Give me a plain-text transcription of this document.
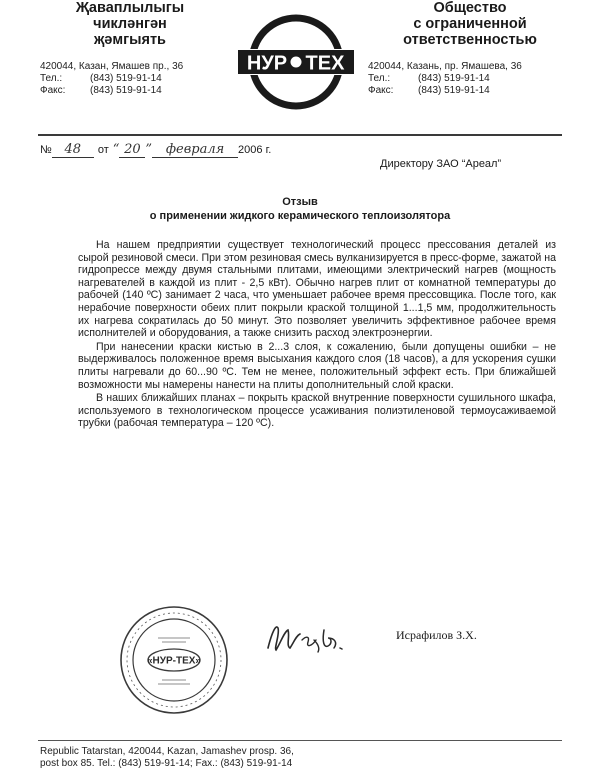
Җаваплылыгы
чикләнгән
җәмгыять
Общество
с ограниченной
ответственностью
НУР ТЕХ
420044, Казан, Ямашев пр., 36
Тел.:	(843) 519-91-14
Факс:	(843) 519-91-14
420044, Казань, пр. Ямашева, 36
Тел.:	(843) 519-91-14
Факс:	(843) 519-91-14
№ 48	от “ 20 ”	февраля	2006 г.
Директору ЗАО “Ареал”
Отзыв
о применении жидкого керамического теплоизолятора

На нашем предприятии существует технологический процесс прессования деталей из сырой резиновой смеси. При этом резиновая смесь вулканизируется в пресс-форме, зажатой на гидропрессе между двумя стальными плитами, имеющими электрический нагрев (мощность нагревателей в каждой из плит - 2,5 кВт). Обычно нагрев плит от комнатной температуры до рабочей (140 ºС) занимает 2 часа, что уменьшает рабочее время прессовщика. После того, как нерабочие поверхности обеих плит покрыли краской толщиной 1...1,5 мм, продолжительность их нагрева сократилась до 50 минут. Это позволяет увеличить эффективное рабочее время исполнителей и оборудования, а также снизить расход электроэнергии.

При нанесении краски кистью в 2...3 слоя, к сожалению, были допущены ошибки – не выдерживалось положенное время высыхания каждого слоя (18 часов), а для ускорения сушки плиты нагревали до 60...90 ºС. Тем не менее, положительный эффект есть. При ближайшей возможности мы намерены нанести на плиты дополнительный слой краски.

В наших ближайших планах – покрыть краской внутренние поверхности сушильного шкафа, используемого в технологическом процессе усаживания полиэтиленовой термоусаживаемой трубки (рабочая температура – 120 ºС).

«НУР-ТЕХ»
Исрафилов З.Х.
Republic Tatarstan, 420044, Kazan, Jamashev prosp. 36,
post box 85. Tel.: (843) 519-91-14; Fax.: (843) 519-91-14
